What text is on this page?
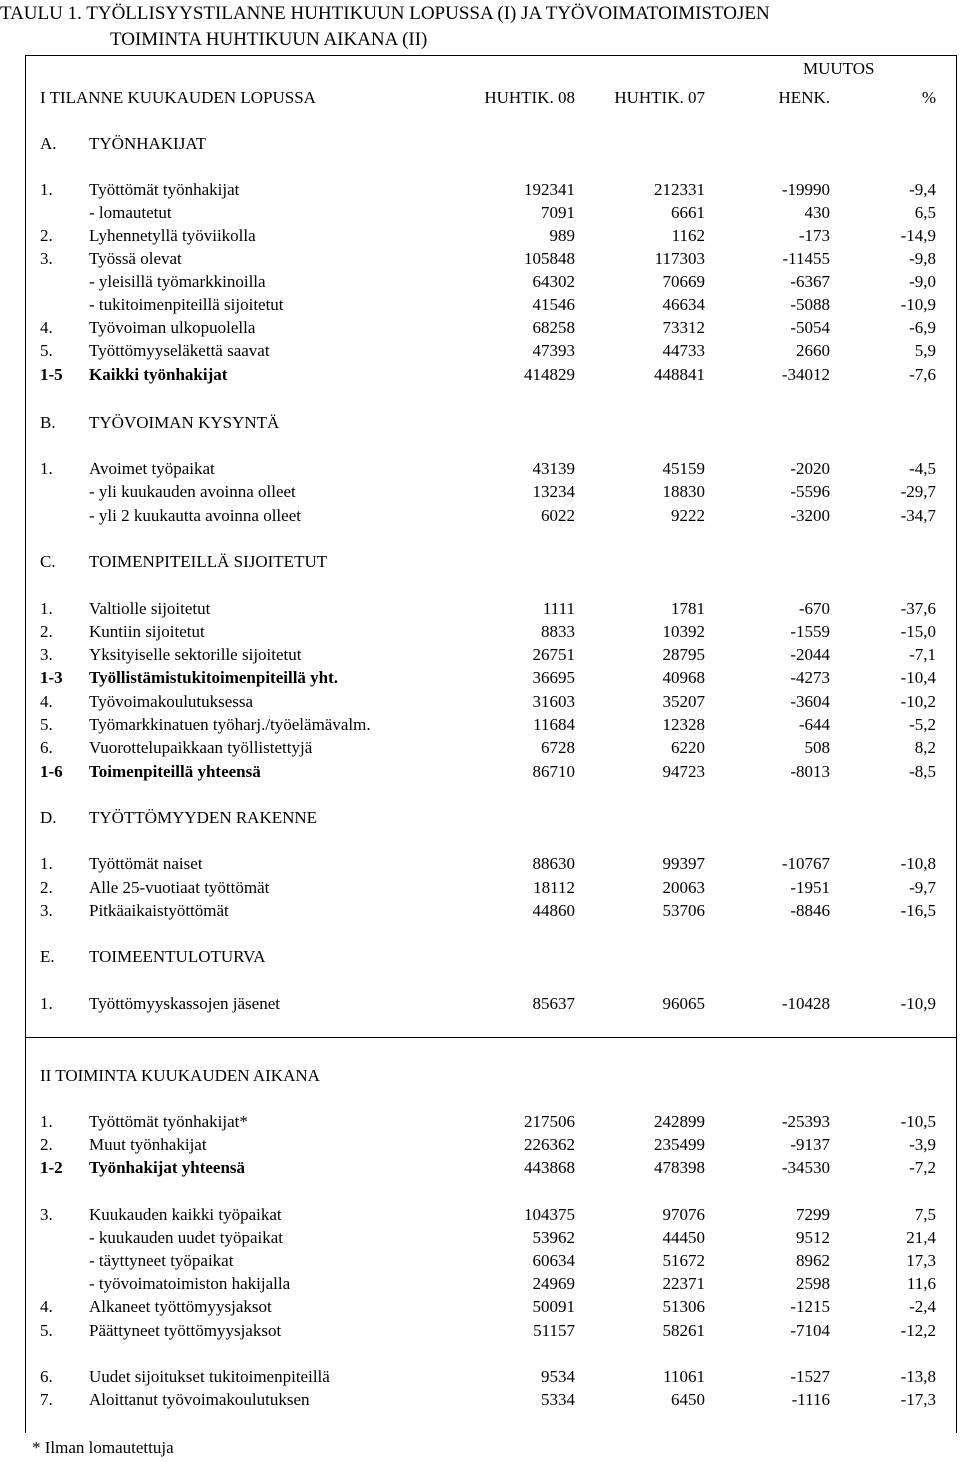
TAULU 1. TYÖLLISYYSTILANNE HUHTIKUUN LOPUSSA (I) JA TYÖVOIMATOIMISTOJEN
TOIMINTA HUHTIKUUN AIKANA (II)
MUUTOS
I TILANNE KUUKAUDEN LOPUSSA	HUHTIK. 08 HUHTIK. 07	HENK.	%
A. TYÖNHAKIJAT
1. Työttömät työnhakijat	192341	212331	-19990	-9,4
- lomautetut	7091	6661	430	6,5
2. Lyhennetyllä työviikolla	989	1162	-173	-14,9
3. Työssä olevat	105848	117303	-11455	-9,8
- yleisillä työmarkkinoilla	64302	70669	-6367	-9,0
- tukitoimenpiteillä sijoitetut	41546	46634	-5088	-10,9
4. Työvoiman ulkopuolella	68258	73312	-5054	-6,9
5. Työttömyyseläkettä saavat	47393	44733	2660	5,9
1-5 Kaikki työnhakijat	414829	448841	-34012	-7,6
B. TYÖVOIMAN KYSYNTÄ
1. Avoimet työpaikat	43139	45159	-2020	-4,5
- yli kuukauden avoinna olleet	13234	18830	-5596	-29,7
- yli 2 kuukautta avoinna olleet	6022	9222	-3200	-34,7
C. TOIMENPITEILLÄ SIJOITETUT
1. Valtiolle sijoitetut	1111	1781	-670	-37,6
2. Kuntiin sijoitetut	8833	10392	-1559	-15,0
3. Yksityiselle sektorille sijoitetut	26751	28795	-2044	-7,1
1-3 Työllistämistukitoimenpiteillä yht.	36695	40968	-4273	-10,4
4. Työvoimakoulutuksessa	31603	35207	-3604	-10,2
5. Työmarkkinatuen työharj./työelämävalm.	11684	12328	-644	-5,2
6. Vuorottelupaikkaan työllistettyjä	6728	6220	508	8,2
1-6 Toimenpiteillä yhteensä	86710	94723	-8013	-8,5
D. TYÖTTÖMYYDEN RAKENNE
1. Työttömät naiset	88630	99397	-10767	-10,8
2. Alle 25-vuotiaat työttömät	18112	20063	-1951	-9,7
3. Pitkäaikaistyöttömät	44860	53706	-8846	-16,5
E. TOIMEENTULOTURVA
1. Työttömyyskassojen jäsenet	85637	96065	-10428	-10,9
II TOIMINTA KUUKAUDEN AIKANA
1. Työttömät työnhakijat*	217506	242899	-25393	-10,5
2. Muut työnhakijat	226362	235499	-9137	-3,9
1-2 Työnhakijat yhteensä	443868	478398	-34530	-7,2
3. Kuukauden kaikki työpaikat	104375	97076	7299	7,5
- kuukauden uudet työpaikat	53962	44450	9512	21,4
- täyttyneet työpaikat	60634	51672	8962	17,3
- työvoimatoimiston hakijalla	24969	22371	2598	11,6
4. Alkaneet työttömyysjaksot	50091	51306	-1215	-2,4
5. Päättyneet työttömyysjaksot	51157	58261	-7104	-12,2
6. Uudet sijoitukset tukitoimenpiteillä	9534	11061	-1527	-13,8
7. Aloittanut työvoimakoulutuksen	5334	6450	-1116	-17,3
* Ilman lomautettuja
